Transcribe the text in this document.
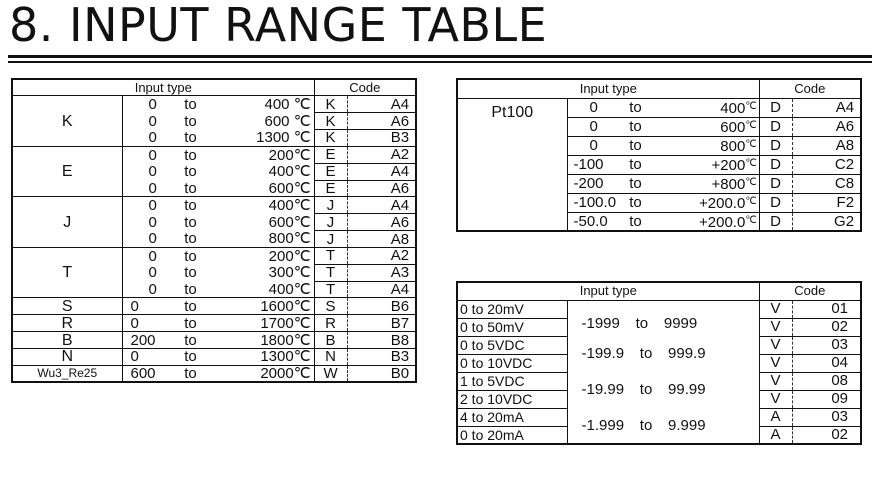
8. INPUT RANGE TABLE
Input type				Code	
K	0	to	400 ℃	K	A4
	0	to	600 ℃	K	A6
	0	to	1300 ℃	K	B3
E	0	to	200℃	E	A2
	0	to	400℃	E	A4
	0	to	600℃	E	A6
J	0	to	400℃	J	A4
	0	to	600℃	J	A6
	0	to	800℃	J	A8
T	0	to	200℃	T	A2
	0	to	300℃	T	A3
	0	to	400℃	T	A4
S	0	to	1600℃	S	B6
R	0	to	1700℃	R	B7
B	200	to	1800℃	B	B8
N	0	to	1300℃	N	B3
Wu3_Re25	600	to	2000℃	W	B0
Input type				Code	
Pt100	0	to	400℃	D	A4
	0	to	600℃	D	A6
	0	to	800℃	D	A8
	-100	to	+200℃	D	C2
	-200	to	+800℃	D	C8
	-100.0	to	+200.0℃	D	F2
	-50.0	to	+200.0℃	D	G2
Input type		Code	
0 to 20mV	-1999 to 9999	V	01
0 to 50mV		V	02
0 to 5VDC	-199.9 to 999.9	V	03
0 to 10VDC		V	04
1 to 5VDC	-19.99 to 99.99	V	08
2 to 10VDC		V	09
4 to 20mA	-1.999 to 9.999	A	03
0 to 20mA		A	02
